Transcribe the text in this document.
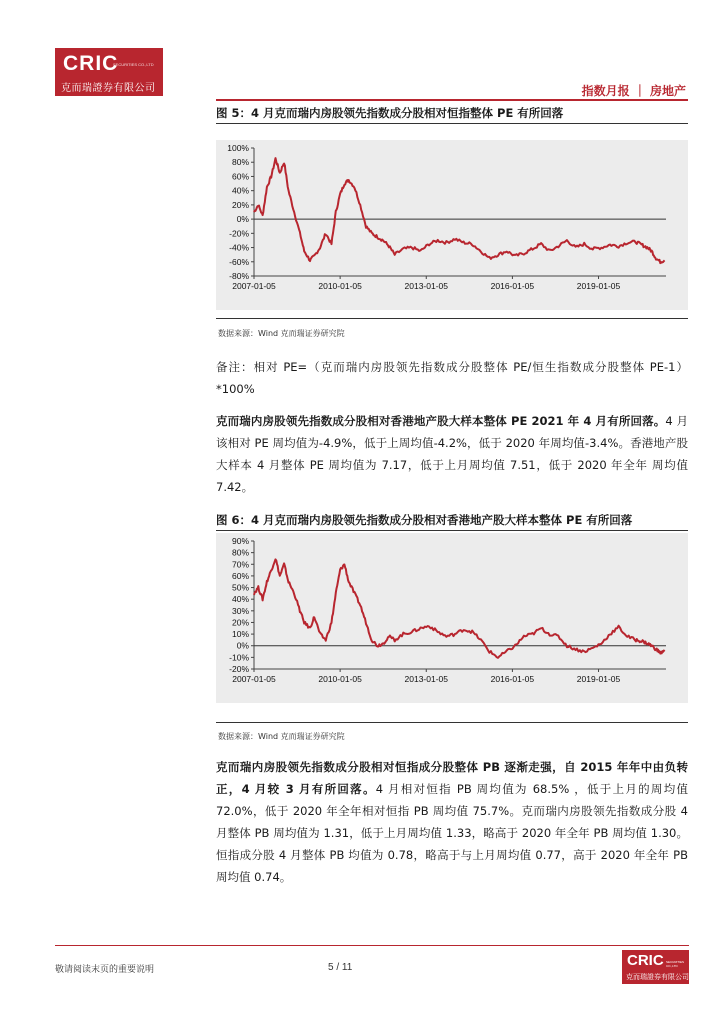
CRIC
SECURITIES CO.,LTD
克而瑞證券有限公司	指数月报 ｜ 房地产
图 5：4 月克而瑞内房股领先指数成分股相对恒指整体 PE 有所回落
100%
80%
60%
40%
20%
0%
-20%
-40%
-60%
-80%
2007-01-05	2010-01-05	2013-01-05	2016-01-05	2019-01-05
数据来源：Wind 克而瑞证券研究院
备注：相对 PE=（克而瑞内房股领先指数成分股整体 PE/恒生指数成分股整体 PE-1）*100%
克而瑞内房股领先指数成分股相对香港地产股大样本整体 PE 2021 年 4 月有所回落。4 月该相对 PE 周均值为-4.9%，低于上周均值-4.2%，低于 2020 年周均值-3.4%。香港地产股大样本 4 月整体 PE 周均值为 7.17，低于上月周均值 7.51，低于 2020 年全年 周均值 7.42。
图 6：4 月克而瑞内房股领先指数成分股相对香港地产股大样本整体 PE 有所回落
90%
80%
70%
60%
50%
40%
30%
20%
10%
0%
-10%
-20%
2007-01-05	2010-01-05	2013-01-05	2016-01-05	2019-01-05
数据来源：Wind 克而瑞证券研究院
克而瑞内房股领先指数成分股相对恒指成分股整体 PB 逐渐走强，自 2015 年年中由负转正，4 月较 3 月有所回落。4 月相对恒指 PB 周均值为 68.5% ，低于上月的周均值 72.0%，低于 2020 年全年相对恒指 PB 周均值 75.7%。克而瑞内房股领先指数成分股 4 月整体 PB 周均值为 1.31，低于上月周均值 1.33，略高于 2020 年全年 PB 周均值 1.30。恒指成分股 4 月整体 PB 均值为 0.78，略高于与上月周均值 0.77，高于 2020 年全年 PB 周均值 0.74。
敬请阅读末页的重要说明	5 / 11	CRIC SECURITIES CO.,LTD
克而瑞證券有限公司
